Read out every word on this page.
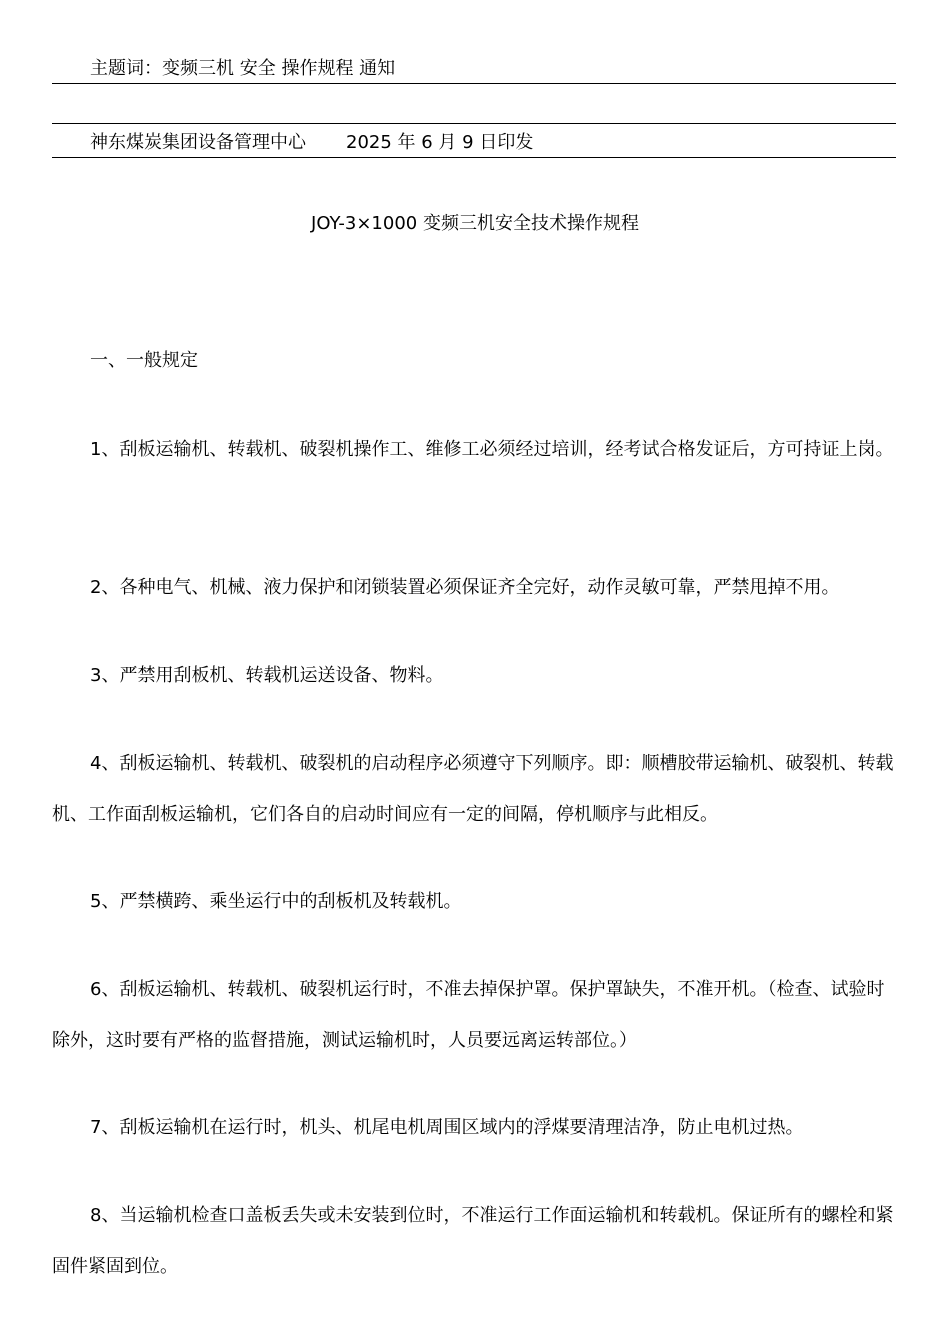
主题词：变频三机 安全 操作规程 通知
神东煤炭集团设备管理中心 2025 年 6 月 9 日印发
JOY-3×1000 变频三机安全技术操作规程
一、一般规定

1、刮板运输机、转载机、破裂机操作工、维修工必须经过培训，经考试合格发证后，方可持证上岗。

2、各种电气、机械、液力保护和闭锁装置必须保证齐全完好，动作灵敏可靠，严禁甩掉不用。

3、严禁用刮板机、转载机运送设备、物料。

4、刮板运输机、转载机、破裂机的启动程序必须遵守下列顺序。即：顺槽胶带运输机、破裂机、转载机、工作面刮板运输机，它们各自的启动时间应有一定的间隔，停机顺序与此相反。

5、严禁横跨、乘坐运行中的刮板机及转载机。

6、刮板运输机、转载机、破裂机运行时，不准去掉保护罩。保护罩缺失，不准开机。（检查、试验时除外，这时要有严格的监督措施，测试运输机时，人员要远离运转部位。）

7、刮板运输机在运行时，机头、机尾电机周围区域内的浮煤要清理洁净，防止电机过热。

8、当运输机检查口盖板丢失或未安装到位时，不准运行工作面运输机和转载机。保证所有的螺栓和紧固件紧固到位。
